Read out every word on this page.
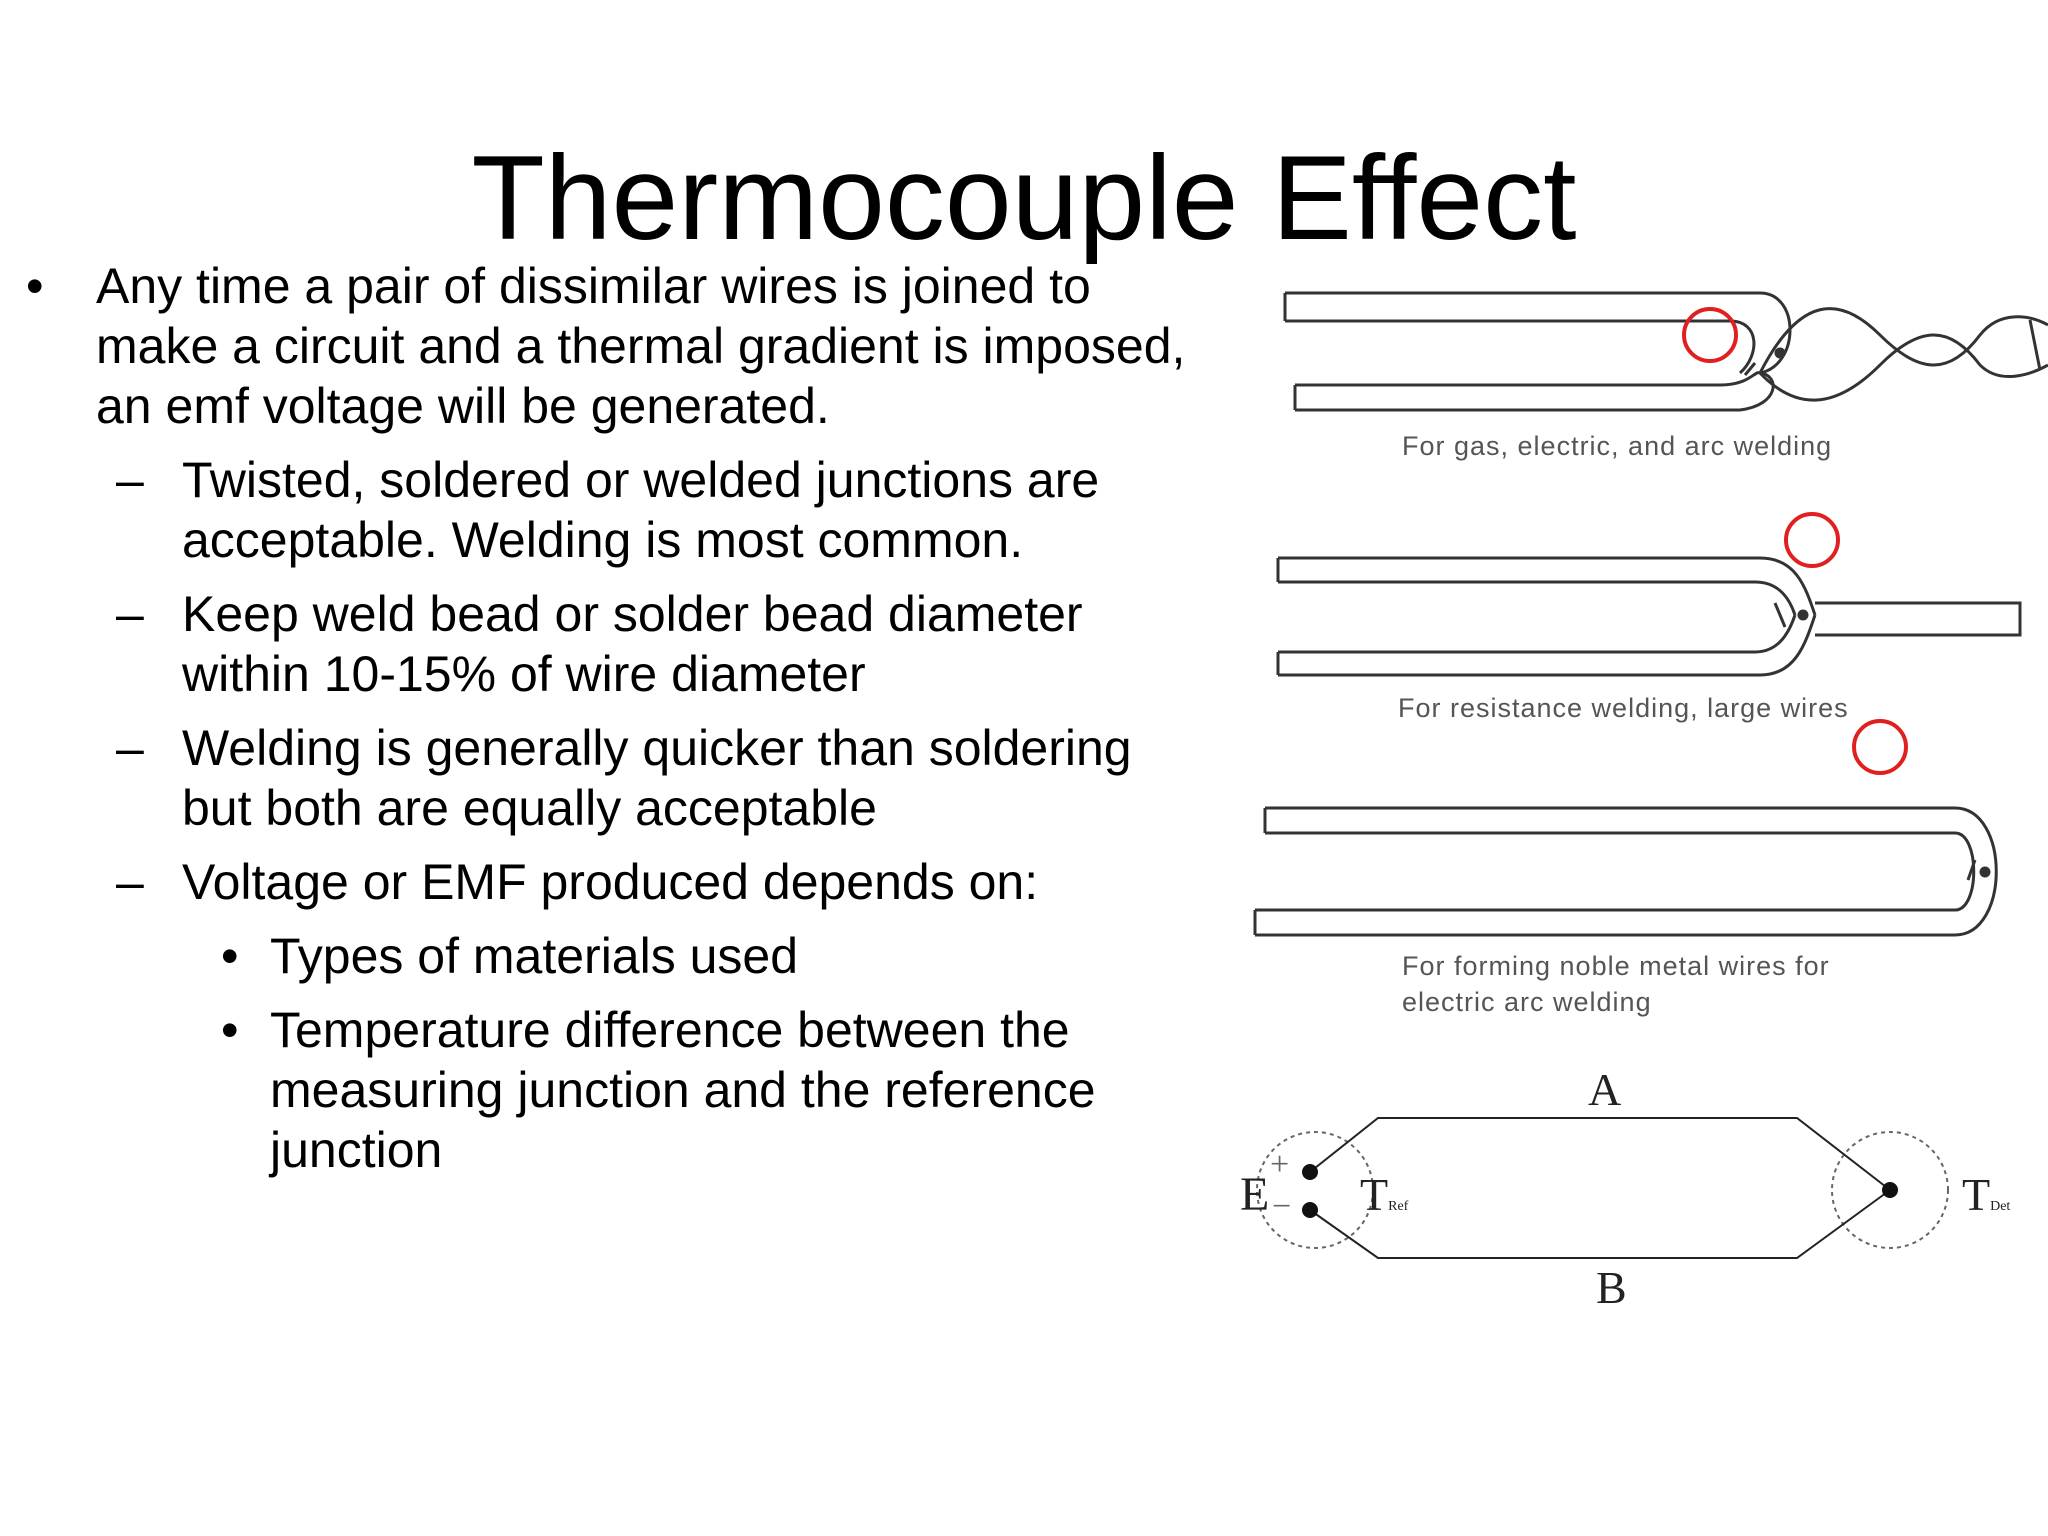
Thermocouple Effect
• Any time a pair of dissimilar wires is joined to make a circuit and a thermal gradient is imposed, an emf voltage will be generated.
– Twisted, soldered or welded junctions are acceptable. Welding is most common.
– Keep weld bead or solder bead diameter within 10-15% of wire diameter
– Welding is generally quicker than soldering but both are equally acceptable
– Voltage or EMF produced depends on:
• Types of materials used
• Temperature difference between the measuring junction and the reference junction
A
B
E
+
− TRef	TDet
For gas, electric, and arc welding
For resistance welding, large wires
For forming noble metal wires for electric arc welding
